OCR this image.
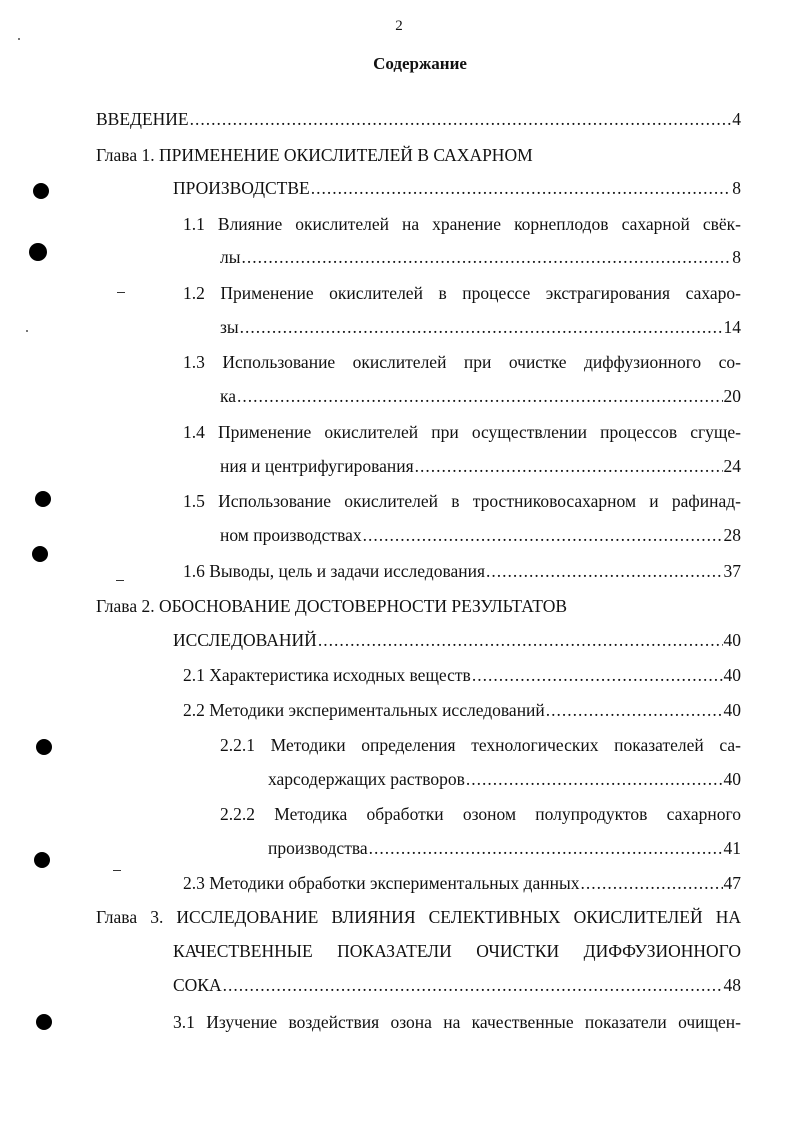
2
Содержание
ВВЕДЕНИЕ .....	4
Глава 1. ПРИМЕНЕНИЕ ОКИСЛИТЕЛЕЙ В САХАРНОМ
ПРОИЗВОДСТВЕ .....	8
1.1 Влияние окислителей на хранение корнеплодов сахарной свёк-
лы .....	8
1.2 Применение окислителей в процессе экстрагирования сахаро-
зы .....	14
1.3 Использование окислителей при очистке диффузионного со-
ка .....	20
1.4 Применение окислителей при осуществлении процессов сгуще-
ния и центрифугирования .....	24
1.5 Использование окислителей в тростниковосахарном и рафинад-
ном производствах .....	28
1.6 Выводы, цель и задачи исследования .....	37
Глава 2. ОБОСНОВАНИЕ ДОСТОВЕРНОСТИ РЕЗУЛЬТАТОВ
ИССЛЕДОВАНИЙ .....	40
2.1 Характеристика исходных веществ .....	40
2.2 Методики экспериментальных исследований .....	40
2.2.1 Методики определения технологических показателей са-
харсодержащих растворов .....	40
2.2.2 Методика обработки озоном полупродуктов сахарного
производства .....	41
2.3 Методики обработки экспериментальных данных .....	47
Глава 3. ИССЛЕДОВАНИЕ ВЛИЯНИЯ СЕЛЕКТИВНЫХ ОКИСЛИТЕЛЕЙ НА
КАЧЕСТВЕННЫЕ ПОКАЗАТЕЛИ ОЧИСТКИ ДИФФУЗИОННОГО
СОКА .....	48
3.1 Изучение воздействия озона на качественные показатели очищен-
